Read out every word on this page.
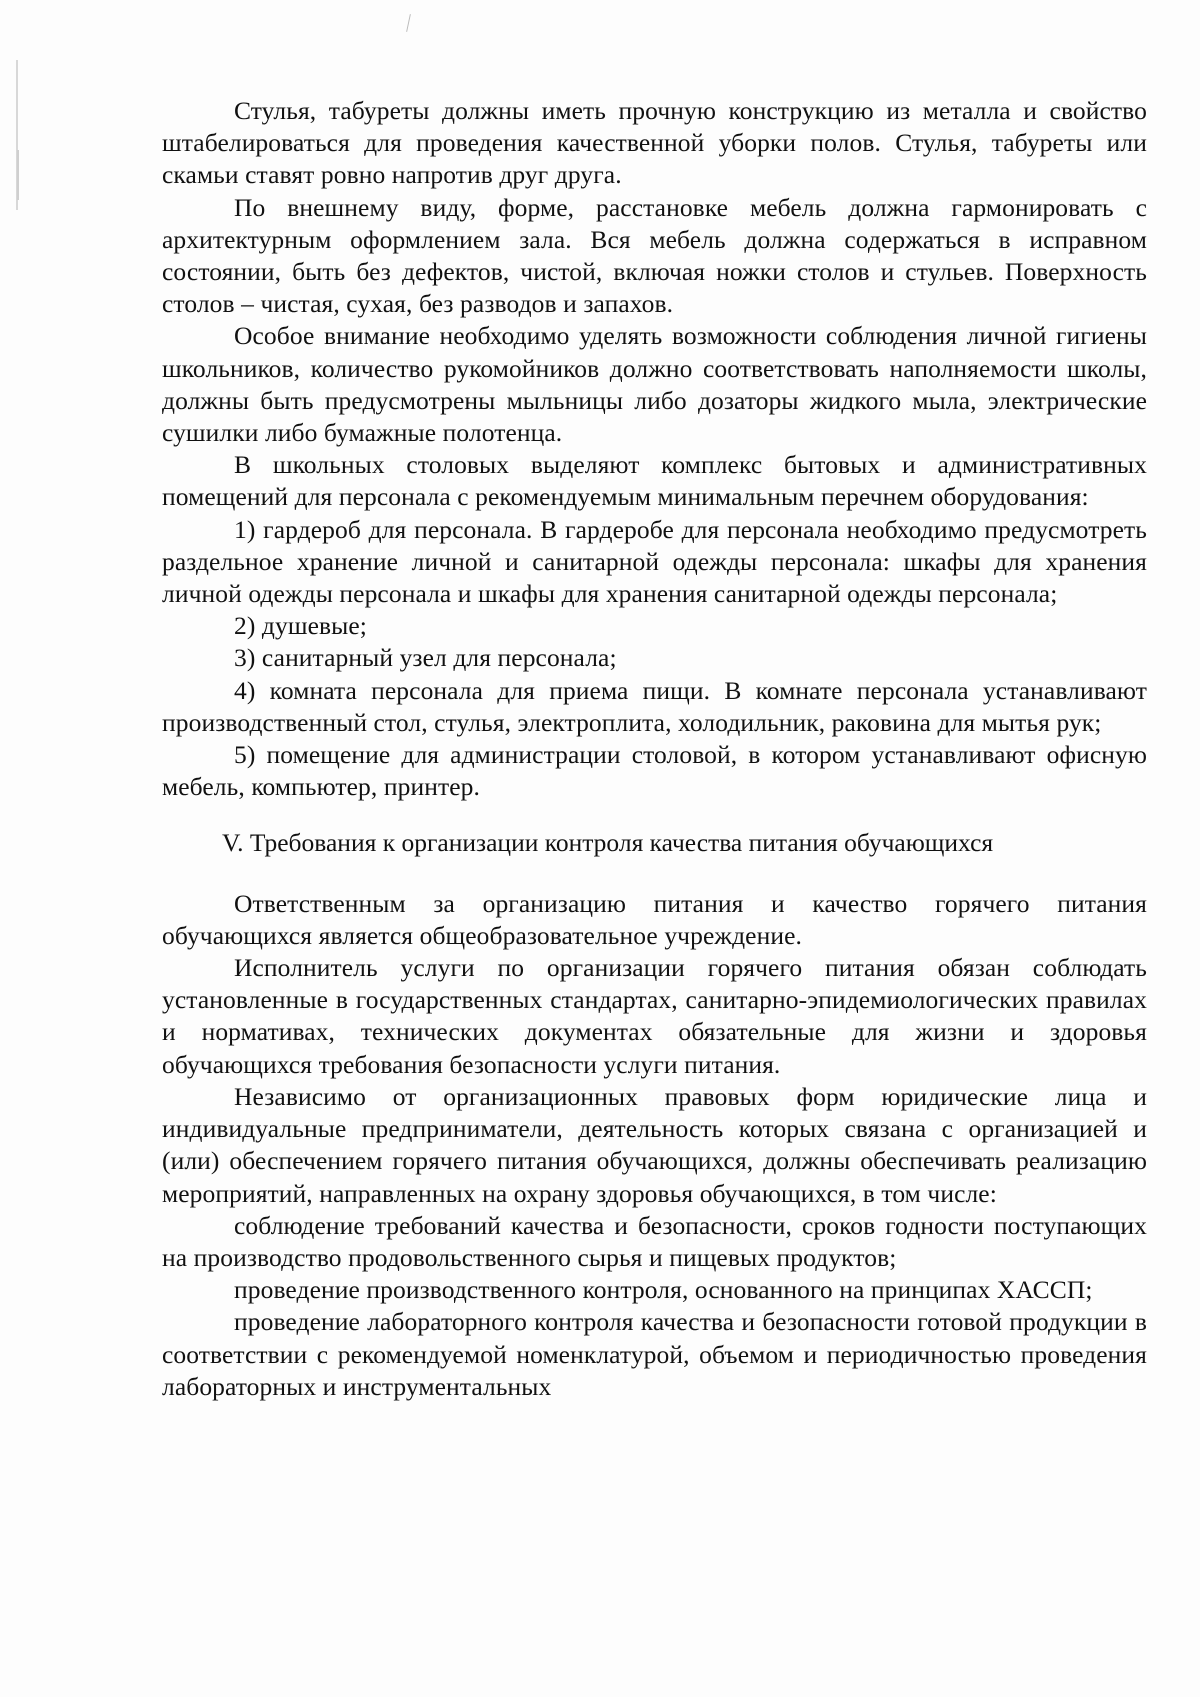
Стулья, табуреты должны иметь прочную конструкцию из металла и свойство штабелироваться для проведения качественной уборки полов. Стулья, табуреты или скамьи ставят ровно напротив друг друга.

По внешнему виду, форме, расстановке мебель должна гармонировать с архитектурным оформлением зала. Вся мебель должна содержаться в исправном состоянии, быть без дефектов, чистой, включая ножки столов и стульев. Поверхность столов – чистая, сухая, без разводов и запахов.

Особое внимание необходимо уделять возможности соблюдения личной гигиены школьников, количество рукомойников должно соответствовать наполняемости школы, должны быть предусмотрены мыльницы либо дозаторы жидкого мыла, электрические сушилки либо бумажные полотенца.

В школьных столовых выделяют комплекс бытовых и административных помещений для персонала с рекомендуемым минимальным перечнем оборудования:

1) гардероб для персонала. В гардеробе для персонала необходимо предусмотреть раздельное хранение личной и санитарной одежды персонала: шкафы для хранения личной одежды персонала и шкафы для хранения санитарной одежды персонала;

2) душевые;

3) санитарный узел для персонала;

4) комната персонала для приема пищи. В комнате персонала устанавливают производственный стол, стулья, электроплита, холодильник, раковина для мытья рук;

5) помещение для администрации столовой, в котором устанавливают офисную мебель, компьютер, принтер.

V. Требования к организации контроля качества питания обучающихся

Ответственным за организацию питания и качество горячего питания обучающихся является общеобразовательное учреждение.

Исполнитель услуги по организации горячего питания обязан соблюдать установленные в государственных стандартах, санитарно-эпидемиологических правилах и нормативах, технических документах обязательные для жизни и здоровья обучающихся требования безопасности услуги питания.

Независимо от организационных правовых форм юридические лица и индивидуальные предприниматели, деятельность которых связана с организацией и (или) обеспечением горячего питания обучающихся, должны обеспечивать реализацию мероприятий, направленных на охрану здоровья обучающихся, в том числе:

соблюдение требований качества и безопасности, сроков годности поступающих на производство продовольственного сырья и пищевых продуктов;

проведение производственного контроля, основанного на принципах ХАССП;

проведение лабораторного контроля качества и безопасности готовой продукции в соответствии с рекомендуемой номенклатурой, объемом и периодичностью проведения лабораторных и инструментальных
